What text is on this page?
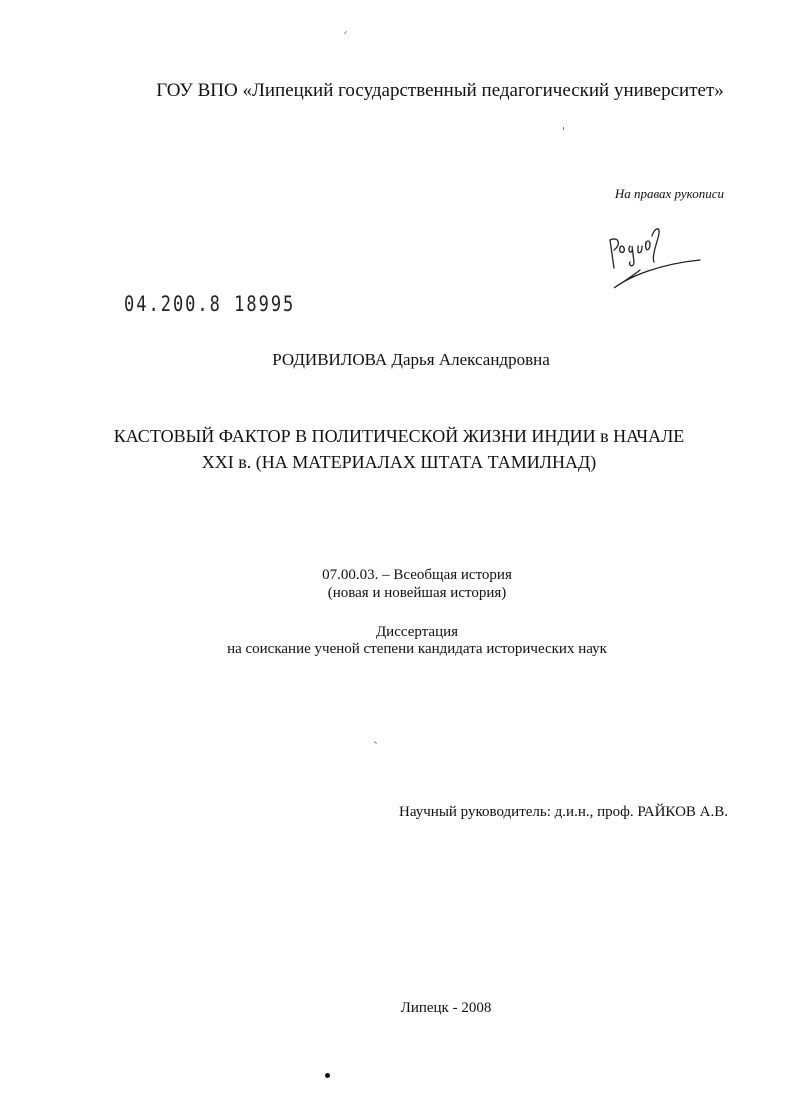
ГОУ ВПО «Липецкий государственный педагогический университет»
На правах рукописи
04.200.8 18995
РОДИВИЛОВА Дарья Александровна
КАСТОВЫЙ ФАКТОР В ПОЛИТИЧЕСКОЙ ЖИЗНИ ИНДИИ в НАЧАЛЕ
XXI в. (НА МАТЕРИАЛАХ ШТАТА ТАМИЛНАД)
07.00.03. – Всеобщая история
(новая и новейшая история)
Диссертация
на соискание ученой степени кандидата исторических наук
Научный руководитель: д.и.н., проф. РАЙКОВ А.В.
Липецк - 2008
